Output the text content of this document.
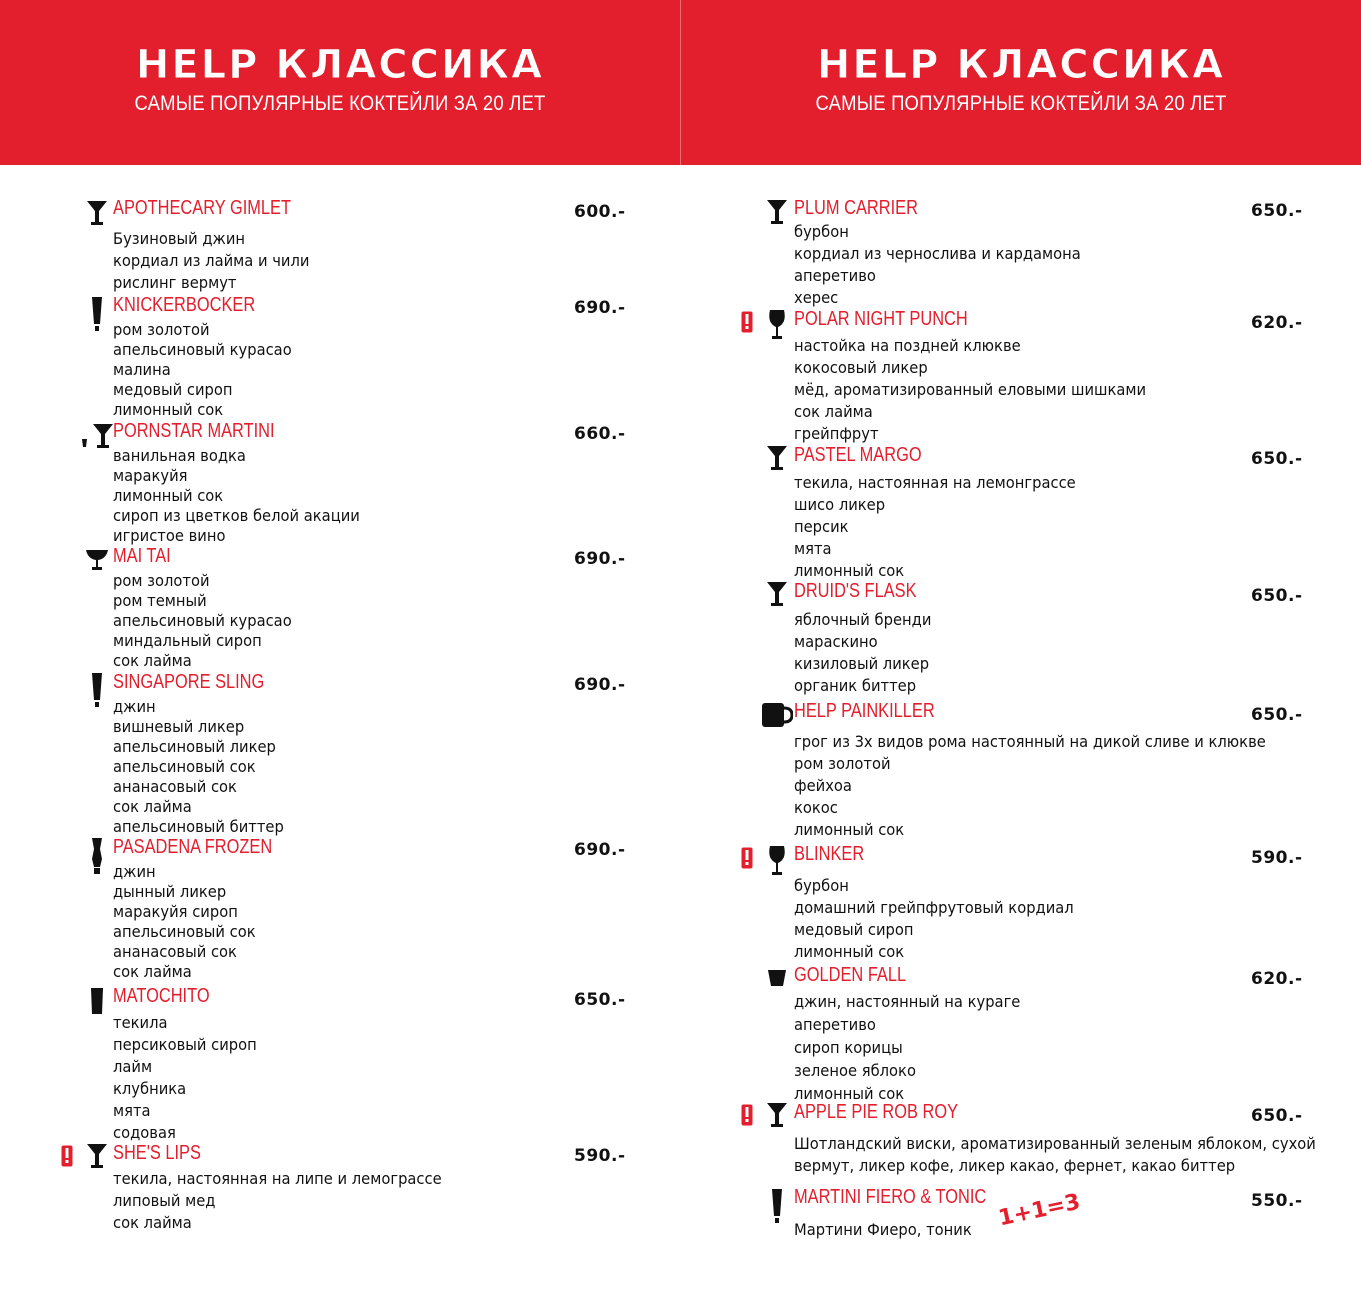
HELP КЛАССИКА
САМЫЕ ПОПУЛЯРНЫЕ КОКТЕЙЛИ ЗА 20 ЛЕТ
APOTHECARY GIMLET
Бузиновый джин
кордиал из лайма и чили
рислинг вермут
600.-
KNICKERBOCKER
ром золотой
апельсиновый курасао
малина
медовый сироп
лимонный сок
690.-
PORNSTAR MARTINI
ванильная водка
маракуйя
лимонный сок
сироп из цветков белой акации
игристое вино
660.-
MAI TAI
ром золотой
ром темный
апельсиновый курасао
миндальный сироп
сок лайма
690.-
SINGAPORE SLING
джин
вишневый ликер
апельсиновый ликер
апельсиновый сок
ананасовый сок
сок лайма
апельсиновый биттер
690.-
PASADENA FROZEN
джин
дынный ликер
маракуйя сироп
апельсиновый сок
ананасовый сок
сок лайма
690.-
MATOCHITO
текила
персиковый сироп
лайм
клубника
мята
содовая
650.-
SHE'S LIPS
текила, настоянная на липе и лемограссе
липовый мед
сок лайма
590.-
HELP КЛАССИКА
САМЫЕ ПОПУЛЯРНЫЕ КОКТЕЙЛИ ЗА 20 ЛЕТ
PLUM CARRIER
бурбон
кордиал из чернослива и кардамона
аперетиво
херес
650.-
POLAR NIGHT PUNCH
настойка на поздней клюкве
кокосовый ликер
мёд, ароматизированный еловыми шишками
сок лайма
грейпфрут
620.-
PASTEL MARGO
текила, настоянная на лемонграссе
шисо ликер
персик
мята
лимонный сок
650.-
DRUID'S FLASK
яблочный бренди
мараскино
кизиловый ликер
органик биттер
650.-
HELP PAINKILLER
грог из 3х видов рома настоянный на дикой сливе и клюкве
ром золотой
фейхоа
кокос
лимонный сок
650.-
BLINKER
бурбон
домашний грейпфрутовый кордиал
медовый сироп
лимонный сок
590.-
GOLDEN FALL
джин, настоянный на кураге
аперетиво
сироп корицы
зеленое яблоко
лимонный сок
620.-
APPLE PIE ROB ROY
Шотландский виски, ароматизированный зеленым яблоком, сухой
вермут, ликер кофе, ликер какао, фернет, какао биттер
650.-
MARTINI FIERO & TONIC
Мартини Фиеро, тоник
550.-
1+1=3
